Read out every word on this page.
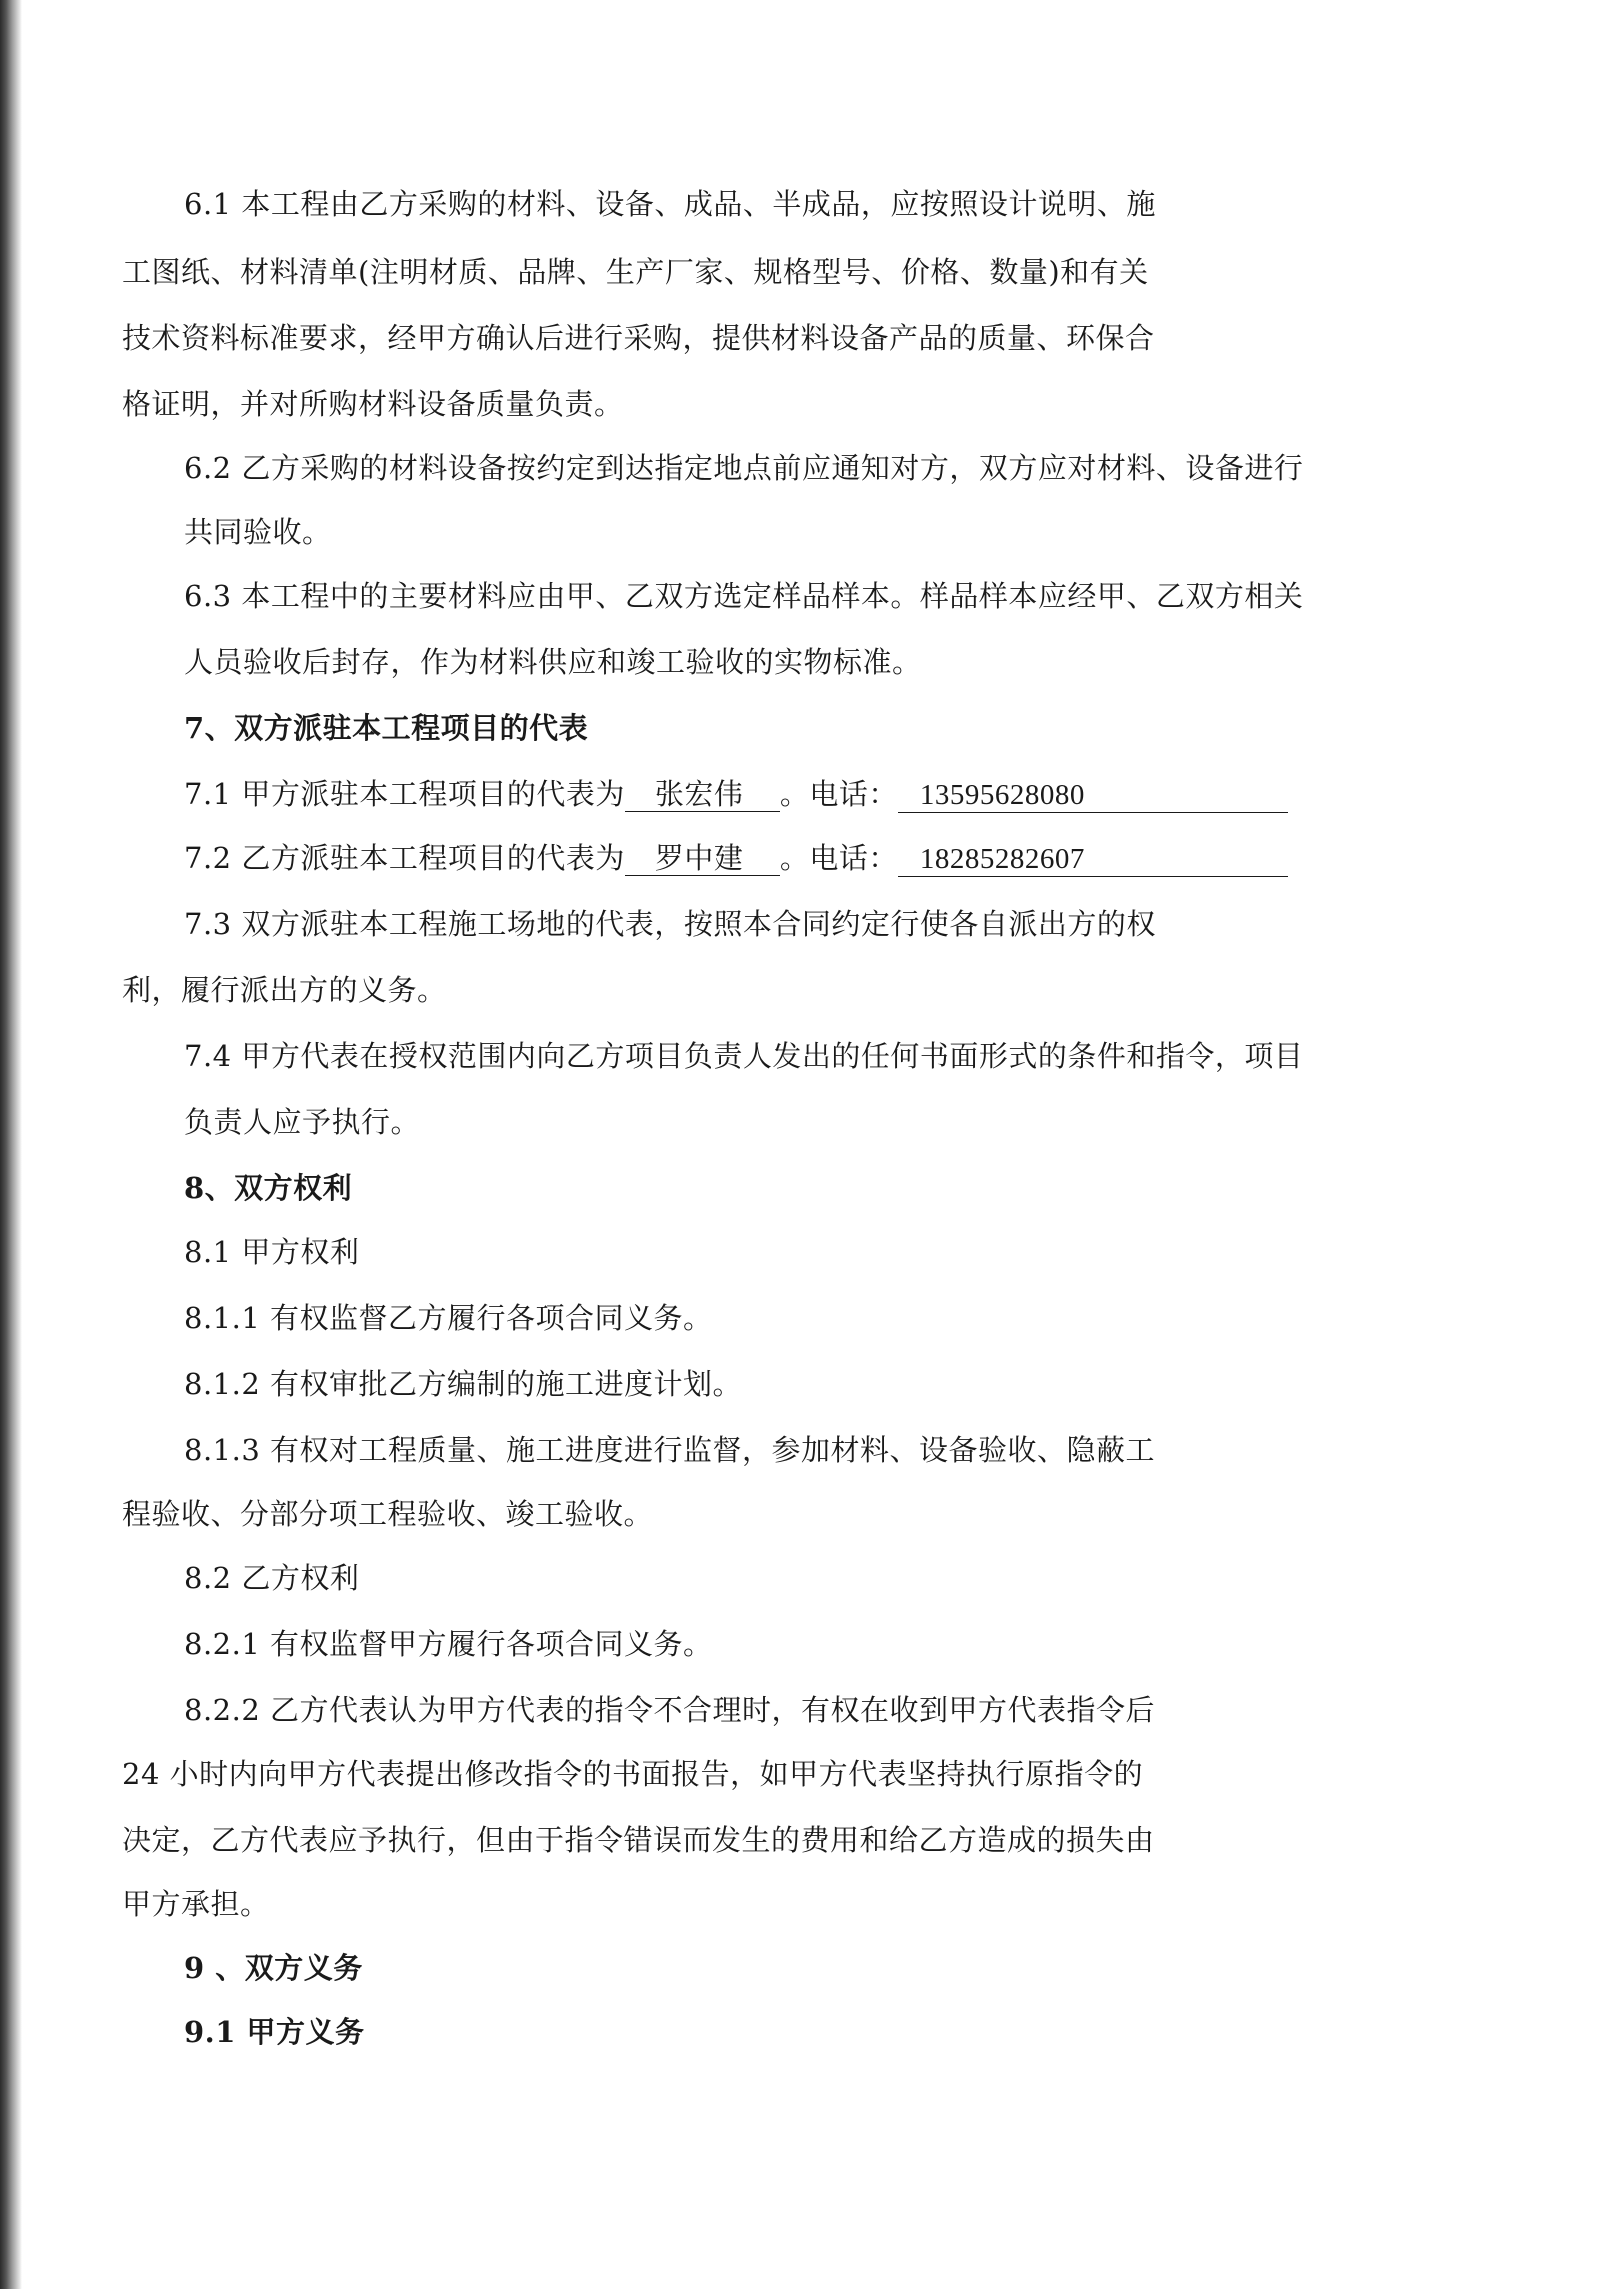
6.1 本工程由乙方采购的材料、设备、成品、半成品，应按照设计说明、施
工图纸、材料清单(注明材质、品牌、生产厂家、规格型号、价格、数量)和有关
技术资料标准要求，经甲方确认后进行采购，提供材料设备产品的质量、环保合
格证明，并对所购材料设备质量负责。
6.2 乙方采购的材料设备按约定到达指定地点前应通知对方，双方应对材料、设备进行
共同验收。
6.3 本工程中的主要材料应由甲、乙双方选定样品样本。样品样本应经甲、乙双方相关
人员验收后封存，作为材料供应和竣工验收的实物标准。
7、双方派驻本工程项目的代表
7.1 甲方派驻本工程项目的代表为 张宏伟 。电话： 13595628080
7.2 乙方派驻本工程项目的代表为 罗中建 。电话： 18285282607
7.3 双方派驻本工程施工场地的代表，按照本合同约定行使各自派出方的权
利，履行派出方的义务。
7.4 甲方代表在授权范围内向乙方项目负责人发出的任何书面形式的条件和指令，项目
负责人应予执行。
8、双方权利
8.1 甲方权利
8.1.1 有权监督乙方履行各项合同义务。
8.1.2 有权审批乙方编制的施工进度计划。
8.1.3 有权对工程质量、施工进度进行监督，参加材料、设备验收、隐蔽工
程验收、分部分项工程验收、竣工验收。
8.2 乙方权利
8.2.1 有权监督甲方履行各项合同义务。
8.2.2 乙方代表认为甲方代表的指令不合理时，有权在收到甲方代表指令后
24 小时内向甲方代表提出修改指令的书面报告，如甲方代表坚持执行原指令的
决定，乙方代表应予执行，但由于指令错误而发生的费用和给乙方造成的损失由
甲方承担。
9 、双方义务
9.1 甲方义务
